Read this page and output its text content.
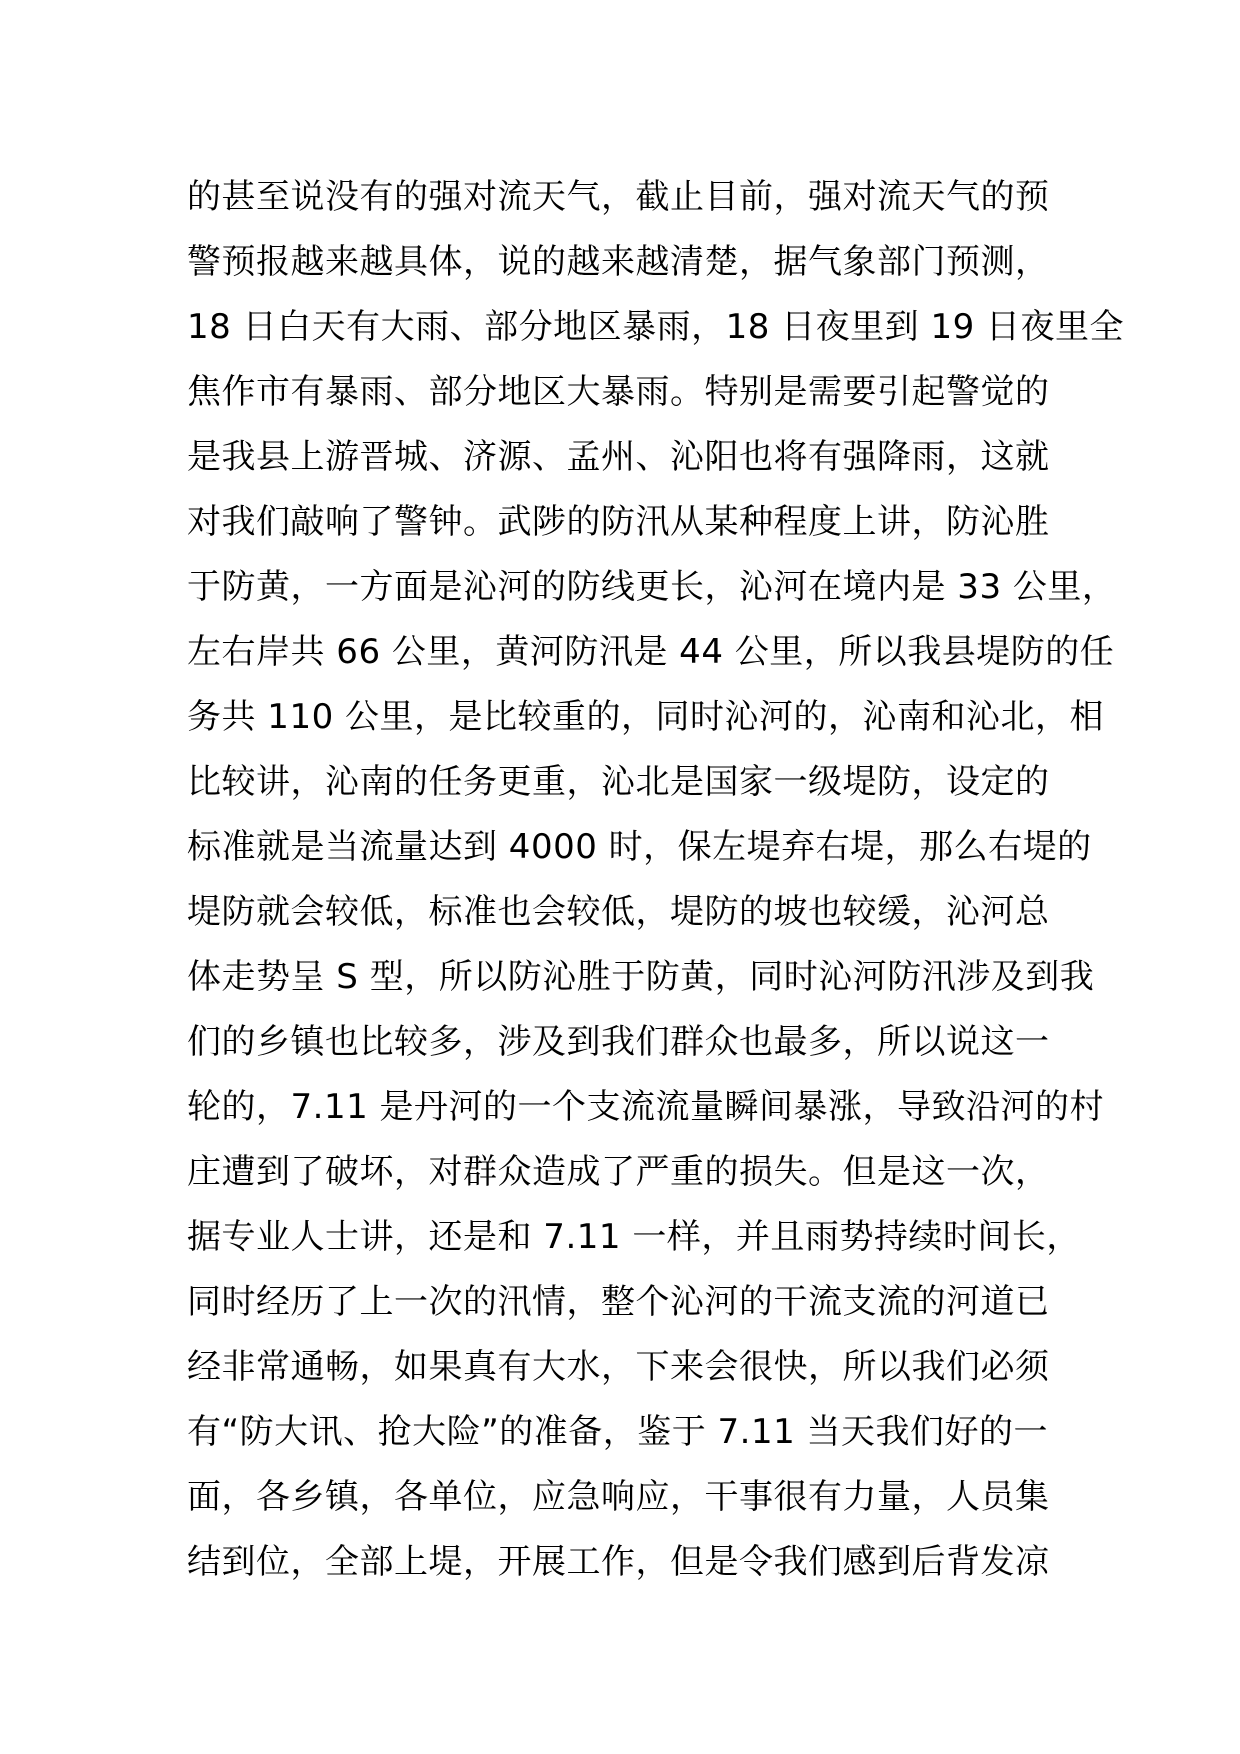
的甚至说没有的强对流天气，截止目前，强对流天气的预
警预报越来越具体，说的越来越清楚，据气象部门预测，
18 日白天有大雨、部分地区暴雨，18 日夜里到 19 日夜里全
焦作市有暴雨、部分地区大暴雨。特别是需要引起警觉的
是我县上游晋城、济源、孟州、沁阳也将有强降雨，这就
对我们敲响了警钟。武陟的防汛从某种程度上讲，防沁胜
于防黄，一方面是沁河的防线更长，沁河在境内是 33 公里，
左右岸共 66 公里，黄河防汛是 44 公里，所以我县堤防的任
务共 110 公里，是比较重的，同时沁河的，沁南和沁北，相
比较讲，沁南的任务更重，沁北是国家一级堤防，设定的
标准就是当流量达到 4000 时，保左堤弃右堤，那么右堤的
堤防就会较低，标准也会较低，堤防的坡也较缓，沁河总
体走势呈 S 型，所以防沁胜于防黄，同时沁河防汛涉及到我
们的乡镇也比较多，涉及到我们群众也最多，所以说这一
轮的，7.11 是丹河的一个支流流量瞬间暴涨，导致沿河的村
庄遭到了破坏，对群众造成了严重的损失。但是这一次，
据专业人士讲，还是和 7.11 一样，并且雨势持续时间长，
同时经历了上一次的汛情，整个沁河的干流支流的河道已
经非常通畅，如果真有大水，下来会很快，所以我们必须
有“防大讯、抢大险”的准备，鉴于 7.11 当天我们好的一
面，各乡镇，各单位，应急响应，干事很有力量，人员集
结到位，全部上堤，开展工作，但是令我们感到后背发凉
